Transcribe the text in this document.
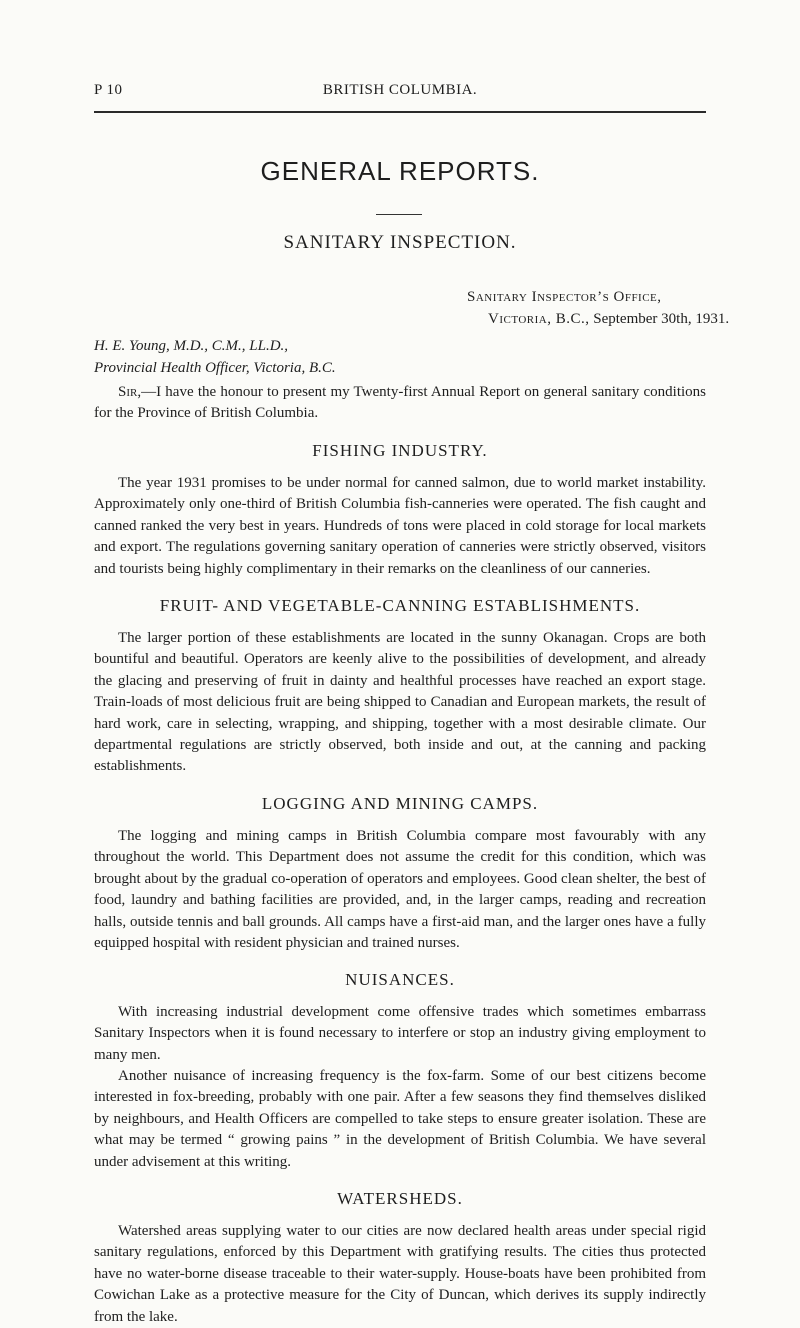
P 10	BRITISH COLUMBIA.
GENERAL REPORTS.
SANITARY INSPECTION.
Sanitary Inspector’s Office,
Victoria, B.C., September 30th, 1931.
H. E. Young, M.D., C.M., LL.D.,
Provincial Health Officer, Victoria, B.C.

Sir,—I have the honour to present my Twenty-first Annual Report on general sanitary conditions for the Province of British Columbia.

FISHING INDUSTRY.

The year 1931 promises to be under normal for canned salmon, due to world market instability. Approximately only one-third of British Columbia fish-canneries were operated. The fish caught and canned ranked the very best in years. Hundreds of tons were placed in cold storage for local markets and export. The regulations governing sanitary operation of canneries were strictly observed, visitors and tourists being highly complimentary in their remarks on the cleanliness of our canneries.

FRUIT- AND VEGETABLE-CANNING ESTABLISHMENTS.

The larger portion of these establishments are located in the sunny Okanagan. Crops are both bountiful and beautiful. Operators are keenly alive to the possibilities of development, and already the glacing and preserving of fruit in dainty and healthful processes have reached an export stage. Train-loads of most delicious fruit are being shipped to Canadian and European markets, the result of hard work, care in selecting, wrapping, and shipping, together with a most desirable climate. Our departmental regulations are strictly observed, both inside and out, at the canning and packing establishments.

LOGGING AND MINING CAMPS.

The logging and mining camps in British Columbia compare most favourably with any throughout the world. This Department does not assume the credit for this condition, which was brought about by the gradual co-operation of operators and employees. Good clean shelter, the best of food, laundry and bathing facilities are provided, and, in the larger camps, reading and recreation halls, outside tennis and ball grounds. All camps have a first-aid man, and the larger ones have a fully equipped hospital with resident physician and trained nurses.

NUISANCES.

With increasing industrial development come offensive trades which sometimes embarrass Sanitary Inspectors when it is found necessary to interfere or stop an industry giving employment to many men.

Another nuisance of increasing frequency is the fox-farm. Some of our best citizens become interested in fox-breeding, probably with one pair. After a few seasons they find themselves disliked by neighbours, and Health Officers are compelled to take steps to ensure greater isolation. These are what may be termed “ growing pains ” in the development of British Columbia. We have several under advisement at this writing.

WATERSHEDS.

Watershed areas supplying water to our cities are now declared health areas under special rigid sanitary regulations, enforced by this Department with gratifying results. The cities thus protected have no water-borne disease traceable to their water-supply. House-boats have been prohibited from Cowichan Lake as a protective measure for the City of Duncan, which derives its supply indirectly from the lake.
